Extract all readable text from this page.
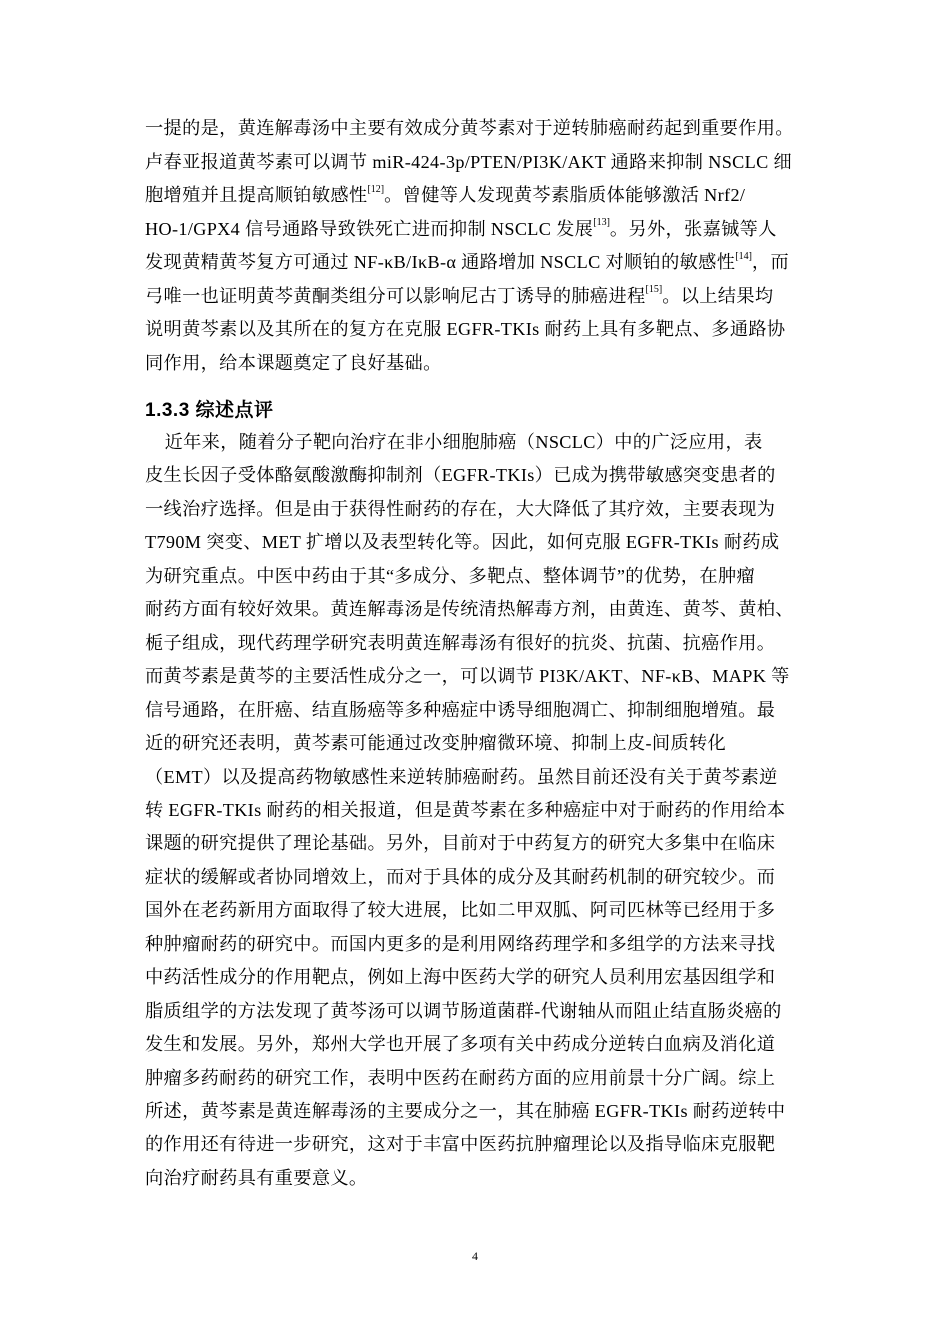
一提的是，黄连解毒汤中主要有效成分黄芩素对于逆转肺癌耐药起到重要作用。
卢春亚报道黄芩素可以调节 miR-424-3p/PTEN/PI3K/AKT 通路来抑制 NSCLC 细
胞增殖并且提高顺铂敏感性[12]。曾健等人发现黄芩素脂质体能够激活 Nrf2/
HO-1/GPX4 信号通路导致铁死亡进而抑制 NSCLC 发展[13]。另外，张嘉铖等人
发现黄精黄芩复方可通过 NF-κB/IκB-α 通路增加 NSCLC 对顺铂的敏感性[14]，而
弓唯一也证明黄芩黄酮类组分可以影响尼古丁诱导的肺癌进程[15]。以上结果均
说明黄芩素以及其所在的复方在克服 EGFR-TKIs 耐药上具有多靶点、多通路协
1.3.3 综述点评
近年来，随着分子靶向治疗在非小细胞肺癌（NSCLC）中的广泛应用，表
皮生长因子受体酪氨酸激酶抑制剂（EGFR-TKIs）已成为携带敏感突变患者的
一线治疗选择。但是由于获得性耐药的存在，大大降低了其疗效，主要表现为
T790M 突变、MET 扩增以及表型转化等。因此，如何克服 EGFR-TKIs 耐药成
为研究重点。中医中药由于其“多成分、多靶点、整体调节”的优势，在肿瘤
耐药方面有较好效果。黄连解毒汤是传统清热解毒方剂，由黄连、黄芩、黄柏、
栀子组成，现代药理学研究表明黄连解毒汤有很好的抗炎、抗菌、抗癌作用。
而黄芩素是黄芩的主要活性成分之一，可以调节 PI3K/AKT、NF-κB、MAPK 等
信号通路，在肝癌、结直肠癌等多种癌症中诱导细胞凋亡、抑制细胞增殖。最
近的研究还表明，黄芩素可能通过改变肿瘤微环境、抑制上皮-间质转化
（EMT）以及提高药物敏感性来逆转肺癌耐药。虽然目前还没有关于黄芩素逆
转 EGFR-TKIs 耐药的相关报道，但是黄芩素在多种癌症中对于耐药的作用给本
课题的研究提供了理论基础。另外，目前对于中药复方的研究大多集中在临床
症状的缓解或者协同增效上，而对于具体的成分及其耐药机制的研究较少。而
国外在老药新用方面取得了较大进展，比如二甲双胍、阿司匹林等已经用于多
种肿瘤耐药的研究中。而国内更多的是利用网络药理学和多组学的方法来寻找
中药活性成分的作用靶点，例如上海中医药大学的研究人员利用宏基因组学和
脂质组学的方法发现了黄芩汤可以调节肠道菌群-代谢轴从而阻止结直肠炎癌的
发生和发展。另外，郑州大学也开展了多项有关中药成分逆转白血病及消化道
肿瘤多药耐药的研究工作，表明中医药在耐药方面的应用前景十分广阔。综上
所述，黄芩素是黄连解毒汤的主要成分之一，其在肺癌 EGFR-TKIs 耐药逆转中
的作用还有待进一步研究，这对于丰富中医药抗肿瘤理论以及指导临床克服靶
向治疗耐药具有重要意义。
4
同作用，给本课题奠定了良好基础。
